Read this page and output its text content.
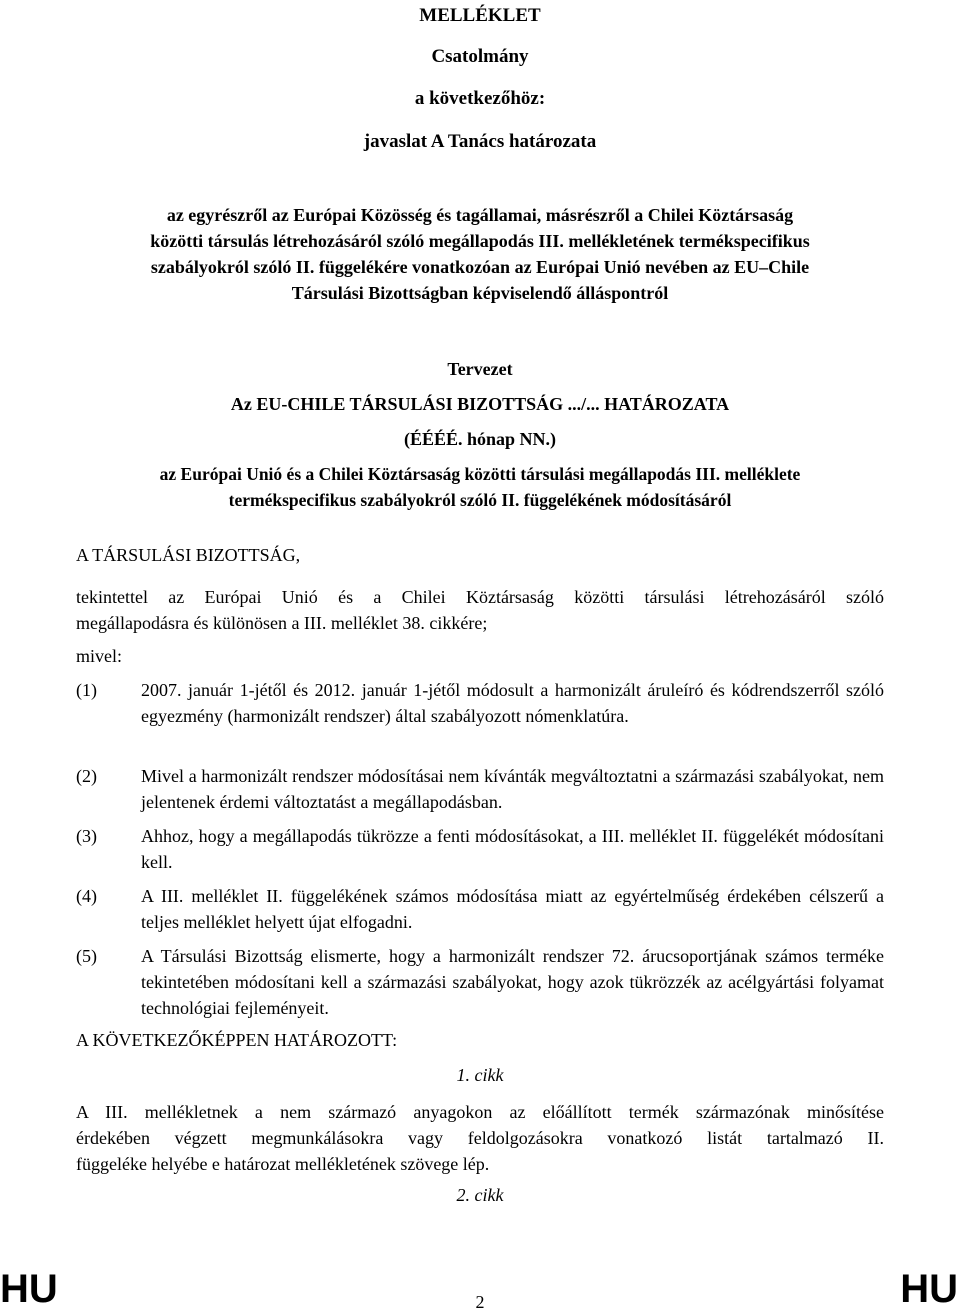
MELLÉKLET
Csatolmány
a következőhöz:
javaslat A Tanács határozata
az egyrészről az Európai Közösség és tagállamai, másrészről a Chilei Köztársaság
közötti társulás létrehozásáról szóló megállapodás III. mellékletének termékspecifikus
szabályokról szóló II. függelékére vonatkozóan az Európai Unió nevében az EU–Chile
Társulási Bizottságban képviselendő álláspontról
Tervezet
Az EU-CHILE TÁRSULÁSI BIZOTTSÁG .../... HATÁROZATA
(ÉÉÉÉ. hónap NN.)
az Európai Unió és a Chilei Köztársaság közötti társulási megállapodás III. melléklete
termékspecifikus szabályokról szóló II. függelékének módosításáról
A TÁRSULÁSI BIZOTTSÁG,
tekintettel az Európai Unió és a Chilei Köztársaság közötti társulási létrehozásáról szóló
megállapodásra és különösen a III. melléklet 38. cikkére;
mivel:
(1) 2007. január 1-jétől és 2012. január 1-jétől módosult a harmonizált áruleíró és kódrendszerről szóló egyezmény (harmonizált rendszer) által szabályozott nómenklatúra.
(2) Mivel a harmonizált rendszer módosításai nem kívánták megváltoztatni a származási szabályokat, nem jelentenek érdemi változtatást a megállapodásban.
(3) Ahhoz, hogy a megállapodás tükrözze a fenti módosításokat, a III. melléklet II. függelékét módosítani kell.
(4) A III. melléklet II. függelékének számos módosítása miatt az egyértelműség érdekében célszerű a teljes melléklet helyett újat elfogadni.
(5) A Társulási Bizottság elismerte, hogy a harmonizált rendszer 72. árucsoportjának számos terméke tekintetében módosítani kell a származási szabályokat, hogy azok tükrözzék az acélgyártási folyamat technológiai fejleményeit.
A KÖVETKEZŐKÉPPEN HATÁROZOTT:
1. cikk
A III. mellékletnek a nem származó anyagokon az előállított termék származónak minősítése
érdekében végzett megmunkálásokra vagy feldolgozásokra vonatkozó listát tartalmazó II.
függeléke helyébe e határozat mellékletének szövege lép.
2. cikk
HU	2	HU
